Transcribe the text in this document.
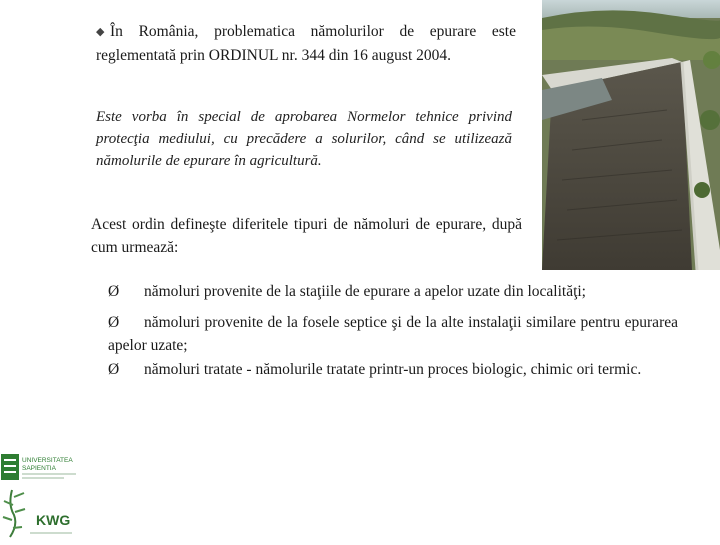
◆ În România, problematica nămolurilor de epurare este reglementată prin ORDINUL nr. 344 din 16 august 2004.
Este vorba în special de aprobarea Normelor tehnice privind protecţia mediului, cu precădere a solurilor, când se utilizează nămolurile de epurare în agricultură.
Acest ordin defineşte diferitele tipuri de nămoluri de epurare, după cum urmează:
Ø nămoluri provenite de la staţiile de epurare a apelor uzate din localităţi;
Ø nămoluri provenite de la fosele septice şi de la alte instalaţii similare pentru epurarea apelor uzate;
Ø nămoluri tratate - nămolurile tratate printr-un proces biologic, chimic ori termic.
UNIVERSITATEA
SAPIENTIA
KWG
